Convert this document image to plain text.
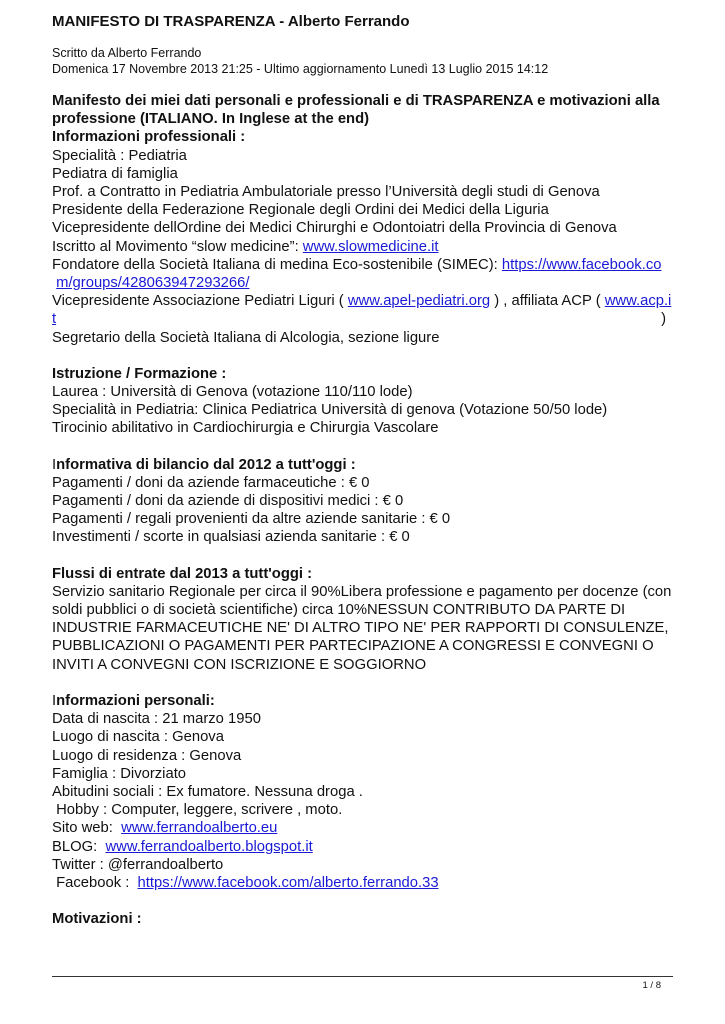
MANIFESTO DI TRASPARENZA - Alberto Ferrando
Scritto da Alberto Ferrando
Domenica 17 Novembre 2013 21:25 - Ultimo aggiornamento Lunedì 13 Luglio 2015 14:12

Manifesto dei miei dati personali e professionali e di TRASPARENZA e motivazioni alla

professione (ITALIANO. In Inglese at the end)

Informazioni professionali :

Specialità : Pediatria

Pediatra di famiglia

Prof. a Contratto in Pediatria Ambulatoriale presso l’Università degli studi di Genova

Presidente della Federazione Regionale degli Ordini dei Medici della Liguria

Vicepresidente dellOrdine dei Medici Chirurghi e Odontoiatri della Provincia di Genova

Iscritto al Movimento “slow medicine”: www.slowmedicine.it

Fondatore della Società Italiana di medina Eco-sostenibile (SIMEC): https://www.facebook.co

m/groups/428063947293266/

Vicepresidente Associazione Pediatri Liguri ( www.apel-pediatri.org ) , affiliata ACP ( www.acp.i

t	)

Segretario della Società Italiana di Alcologia, sezione ligure

Istruzione / Formazione :

Laurea : Università di Genova (votazione 110/110 lode)

Specialità in Pediatria: Clinica Pediatrica Università di genova (Votazione 50/50 lode)

Tirocinio abilitativo in Cardiochirurgia e Chirurgia Vascolare

Informativa di bilancio dal 2012 a tutt'oggi :

Pagamenti / doni da aziende farmaceutiche : € 0

Pagamenti / doni da aziende di dispositivi medici : € 0

Pagamenti / regali provenienti da altre aziende sanitarie : € 0

Investimenti / scorte in qualsiasi azienda sanitarie : € 0

Flussi di entrate dal 2013 a tutt'oggi :

Servizio sanitario Regionale per circa il 90%Libera professione e pagamento per docenze (con

soldi pubblici o di società scientifiche) circa 10%NESSUN CONTRIBUTO DA PARTE DI

INDUSTRIE FARMACEUTICHE NE' DI ALTRO TIPO NE' PER RAPPORTI DI CONSULENZE,

PUBBLICAZIONI O PAGAMENTI PER PARTECIPAZIONE A CONGRESSI E CONVEGNI O

INVITI A CONVEGNI CON ISCRIZIONE E SOGGIORNO

Informazioni personali:

Data di nascita : 21 marzo 1950

Luogo di nascita : Genova

Luogo di residenza : Genova

Famiglia : Divorziato

Abitudini sociali : Ex fumatore. Nessuna droga .

Hobby : Computer, leggere, scrivere , moto.

Sito web:  www.ferrandoalberto.eu

BLOG:  www.ferrandoalberto.blogspot.it

Twitter : @ferrandoalberto

Facebook :  https://www.facebook.com/alberto.ferrando.33

Motivazioni :

1 / 8
